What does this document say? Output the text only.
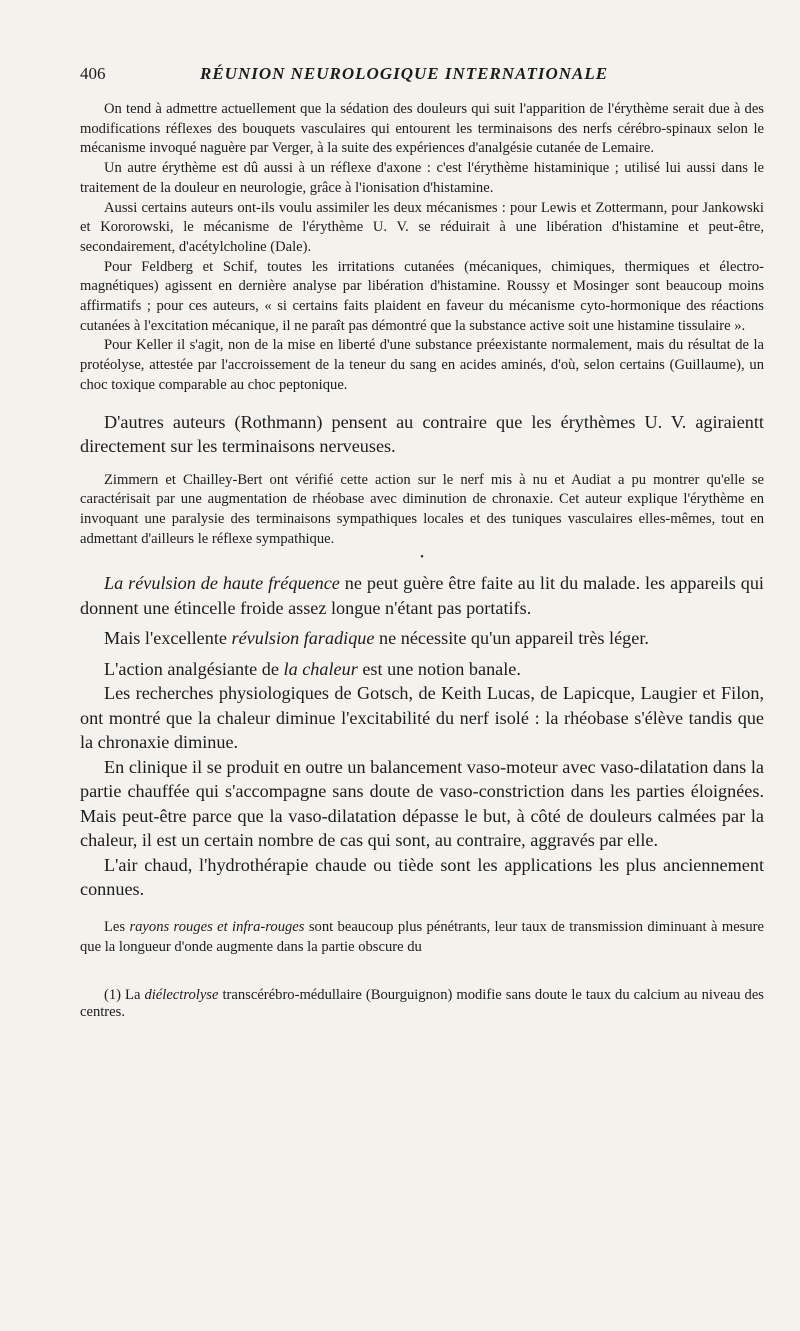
406	RÉUNION NEUROLOGIQUE INTERNATIONALE

On tend à admettre actuellement que la sédation des douleurs qui suit l'apparition de l'érythème serait due à des modifications réflexes des bouquets vasculaires qui entourent les terminaisons des nerfs cérébro-spinaux selon le mécanisme invoqué naguère par Verger, à la suite des expériences d'analgésie cutanée de Lemaire.

Un autre érythème est dû aussi à un réflexe d'axone : c'est l'érythème histaminique ; utilisé lui aussi dans le traitement de la douleur en neurologie, grâce à l'ionisation d'histamine.

Aussi certains auteurs ont-ils voulu assimiler les deux mécanismes : pour Lewis et Zottermann, pour Jankowski et Kororowski, le mécanisme de l'érythème U. V. se réduirait à une libération d'histamine et peut-être, secondairement, d'acétylcholine (Dale).

Pour Feldberg et Schif, toutes les irritations cutanées (mécaniques, chimiques, thermiques et électro-magnétiques) agissent en dernière analyse par libération d'histamine. Roussy et Mosinger sont beaucoup moins affirmatifs ; pour ces auteurs, « si certains faits plaident en faveur du mécanisme cyto-hormonique des réactions cutanées à l'excitation mécanique, il ne paraît pas démontré que la substance active soit une histamine tissulaire ».

Pour Keller il s'agit, non de la mise en liberté d'une substance préexistante normalement, mais du résultat de la protéolyse, attestée par l'accroissement de la teneur du sang en acides aminés, d'où, selon certains (Guillaume), un choc toxique comparable au choc peptonique.

D'autres auteurs (Rothmann) pensent au contraire que les érythèmes U. V. agiraientt directement sur les terminaisons nerveuses.

Zimmern et Chailley-Bert ont vérifié cette action sur le nerf mis à nu et Audiat a pu montrer qu'elle se caractérisait par une augmentation de rhéobase avec diminution de chronaxie. Cet auteur explique l'érythème en invoquant une paralysie des terminaisons sympathiques locales et des tuniques vasculaires elles-mêmes, tout en admettant d'ailleurs le réflexe sympathique.

•

La révulsion de haute fréquence ne peut guère être faite au lit du malade. les appareils qui donnent une étincelle froide assez longue n'étant pas portatifs.

Mais l'excellente révulsion faradique ne nécessite qu'un appareil très léger.

L'action analgésiante de la chaleur est une notion banale.

Les recherches physiologiques de Gotsch, de Keith Lucas, de Lapicque, Laugier et Filon, ont montré que la chaleur diminue l'excitabilité du nerf isolé : la rhéobase s'élève tandis que la chronaxie diminue.

En clinique il se produit en outre un balancement vaso-moteur avec vaso-dilatation dans la partie chauffée qui s'accompagne sans doute de vaso-constriction dans les parties éloignées. Mais peut-être parce que la vaso-dilatation dépasse le but, à côté de douleurs calmées par la chaleur, il est un certain nombre de cas qui sont, au contraire, aggravés par elle.

L'air chaud, l'hydrothérapie chaude ou tiède sont les applications les plus anciennement connues.

Les rayons rouges et infra-rouges sont beaucoup plus pénétrants, leur taux de transmission diminuant à mesure que la longueur d'onde augmente dans la partie obscure du

(1) La diélectrolyse transcérébro-médullaire (Bourguignon) modifie sans doute le taux du calcium au niveau des centres.
